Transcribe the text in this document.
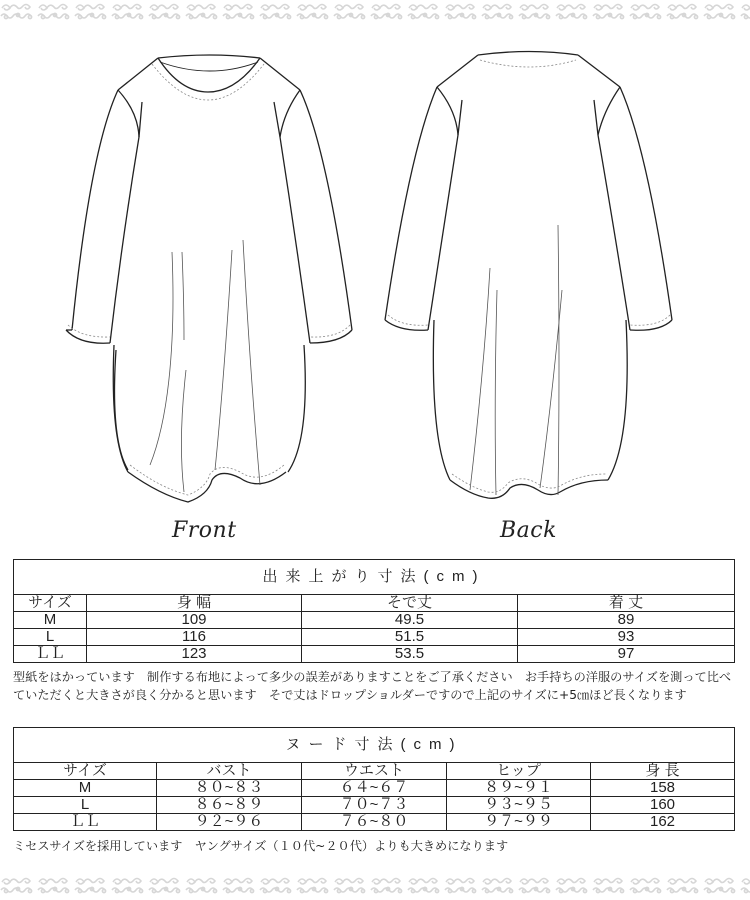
Front	Back
出来上がり寸法(cm)			
サイズ	身 幅	そで丈	着 丈
M	109	49.5	89
L	116	51.5	93
ＬＬ	123	53.5	97
型紙をはかっています　制作する布地によって多少の誤差がありますことをご了承ください　お手持ちの洋服のサイズを測って比べていただくと大きさが良く分かると思います　そで丈はドロップショルダーですので上記のサイズに+5㎝ほど長くなります
ヌード寸法(cm)				
サイズ	バスト	ウエスト	ヒップ	身 長
M	８０~８３	６４~６７	８９~９１	158
L	８６~８９	７０~７３	９３~９５	160
ＬＬ	９２~９６	７６~８０	９７~９９	162
ミセスサイズを採用しています　ヤングサイズ（１０代~２０代）よりも大きめになります
